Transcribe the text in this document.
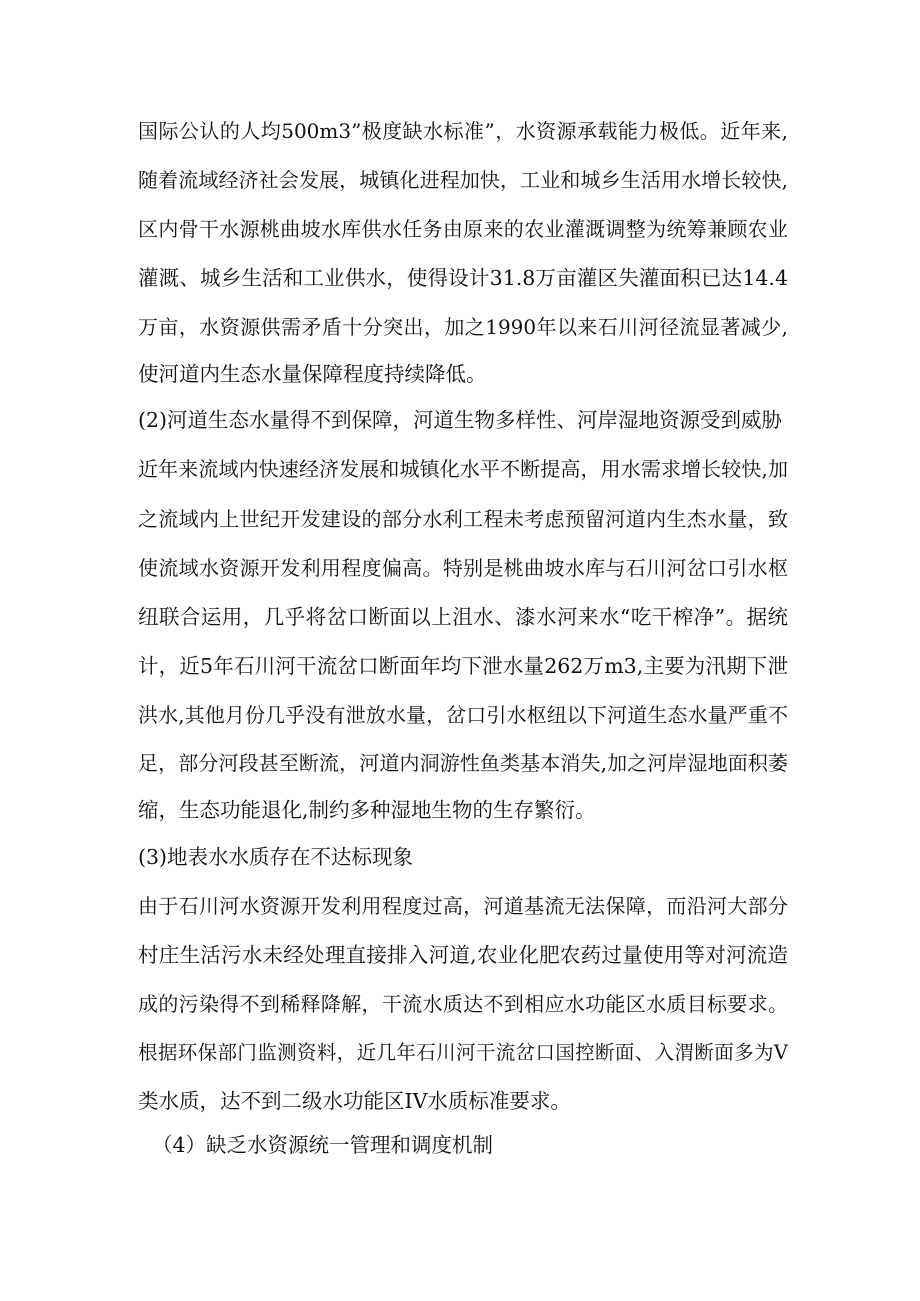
国际公认的人均500m3”极度缺水标准”，水资源承载能力极低。近年来,
随着流域经济社会发展，城镇化进程加快，工业和城乡生活用水增长较快,
区内骨干水源桃曲坡水库供水任务由原来的农业灌溉调整为统筹兼顾农业
灌溉、城乡生活和工业供水，使得设计31.8万亩灌区失灌面积已达14.4
万亩，水资源供需矛盾十分突出，加之1990年以来石川河径流显著减少,
使河道内生态水量保障程度持续降低。
(2)河道生态水量得不到保障，河道生物多样性、河岸湿地资源受到威胁
近年来流域内快速经济发展和城镇化水平不断提高，用水需求增长较快,加
之流域内上世纪开发建设的部分水利工程未考虑预留河道内生杰水量，致
使流域水资源开发利用程度偏高。特别是桃曲坡水库与石川河岔口引水枢
纽联合运用，几乎将岔口断面以上沮水、漆水河来水“吃干榨净”。据统
计，近5年石川河干流岔口断面年均下泄水量262万m3,主要为汛期下泄
洪水,其他月份几乎没有泄放水量，岔口引水枢纽以下河道生态水量严重不
足，部分河段甚至断流，河道内洞游性鱼类基本消失,加之河岸湿地面积萎
缩，生态功能退化,制约多种湿地生物的生存繁衍。
(3)地表水水质存在不达标现象
由于石川河水资源开发利用程度过高，河道基流无法保障，而沿河大部分
村庄生活污水未经处理直接排入河道,农业化肥农药过量使用等对河流造
成的污染得不到稀释降解，干流水质达不到相应水功能区水质目标要求。
根据环保部门监测资料，近几年石川河干流岔口国控断面、入渭断面多为V
类水质，达不到二级水功能区IV水质标准要求。
（4）缺乏水资源统一管理和调度机制
